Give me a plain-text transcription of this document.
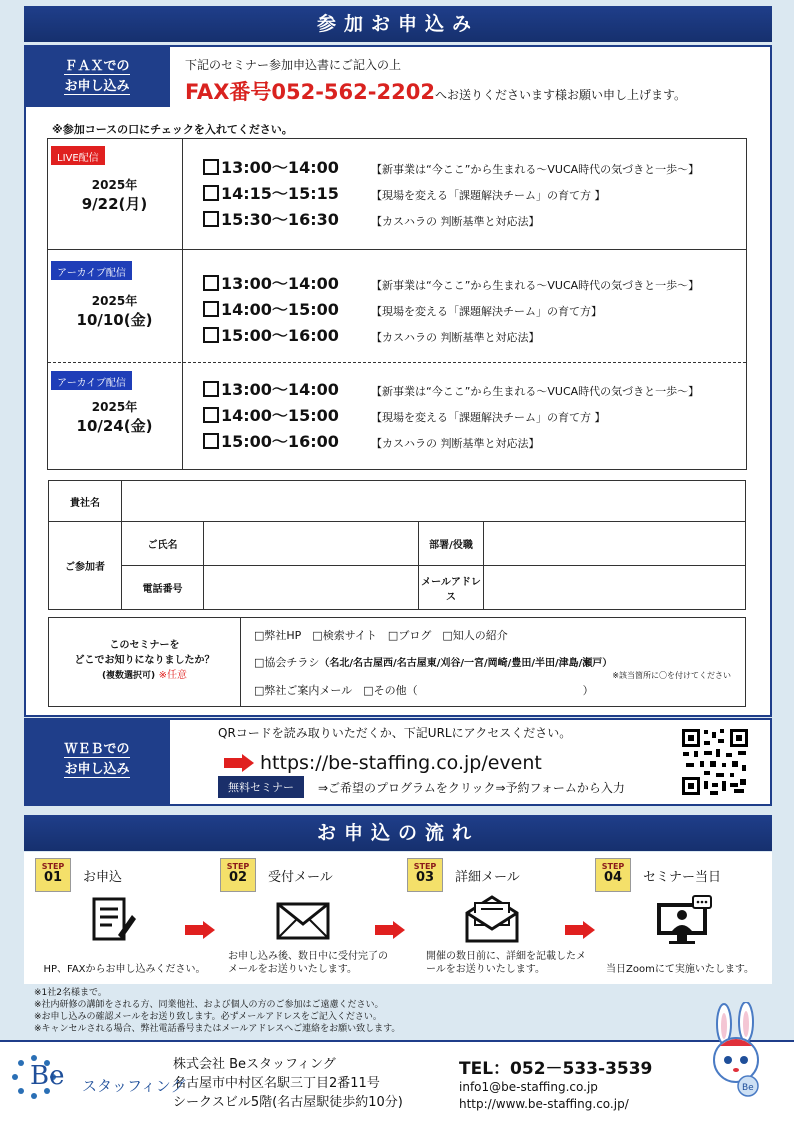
参加お申込み
ＦＡＸでの
お申し込み
下記のセミナー参加申込書にご記入の上
FAX番号052-562-2202へお送りくださいます様お願い申し上げます。
※参加コースの口にチェックを入れてください。
LIVE配信
2025年
9/22(月)
13:00～14:00	【新事業は“今ここ”から生まれる～VUCA時代の気づきと一歩～】
14:15～15:15	【現場を変える「課題解決チーム」の育て方 】
15:30～16:30	【カスハラの 判断基準と対応法】
アーカイブ配信
2025年
10/10(金)
13:00～14:00	【新事業は“今ここ”から生まれる～VUCA時代の気づきと一歩～】
14:00～15:00	【現場を変える「課題解決チーム」の育て方】
15:00～16:00	【カスハラの 判断基準と対応法】
アーカイブ配信
2025年
10/24(金)
13:00～14:00	【新事業は“今ここ”から生まれる～VUCA時代の気づきと一歩～】
14:00～15:00	【現場を変える「課題解決チーム」の育て方 】
15:00～16:00	【カスハラの 判断基準と対応法】
貴社名				
ご参加者	ご氏名		部署/役職	
	電話番号		メールアドレス	
このセミナーを
どこでお知りになりましたか？
(複数選択可) ※任意
□弊社HP　□検索サイト　□ブログ　□知人の紹介
□協会チラシ（名北/名古屋西/名古屋東/刈谷/一宮/岡崎/豊田/半田/津島/瀬戸）
※該当箇所に〇を付けてください
□弊社ご案内メール　□その他（　　　　　　　　　　　　　　　）
ＷＥＢでの
お申し込み
QRコードを読み取りいただくか、下記URLにアクセスください。
https://be-staffing.co.jp/event
無料セミナー	⇒ご希望のプログラムをクリック⇒予約フォームから入力
お申込の流れ
STEP
01	お申込
HP、FAXからお申し込みください。
STEP
02	受付メール
お申し込み後、数日中に受付完了のメールをお送りいたします。
STEP
03	詳細メール
開催の数日前に、詳細を記載したメールをお送りいたします。
STEP
04	セミナー当日
当日Zoomにて実施いたします。
※1社2名様まで。
※社内研修の講師をされる方、同業他社、および個人の方のご参加はご遠慮ください。
※お申し込みの確認メールをお送り致します。必ずメールアドレスをご記入ください。
※キャンセルされる場合、弊社電話番号またはメールアドレスへご連絡をお願い致します。
Be スタッフィング
株式会社 Beスタッフィング
名古屋市中村区名駅三丁目2番11号
シークスビル5階(名古屋駅徒歩約10分)
TEL：052－533-3539
info1@be-staffing.co.jp
http://www.be-staffing.co.jp/
Be
